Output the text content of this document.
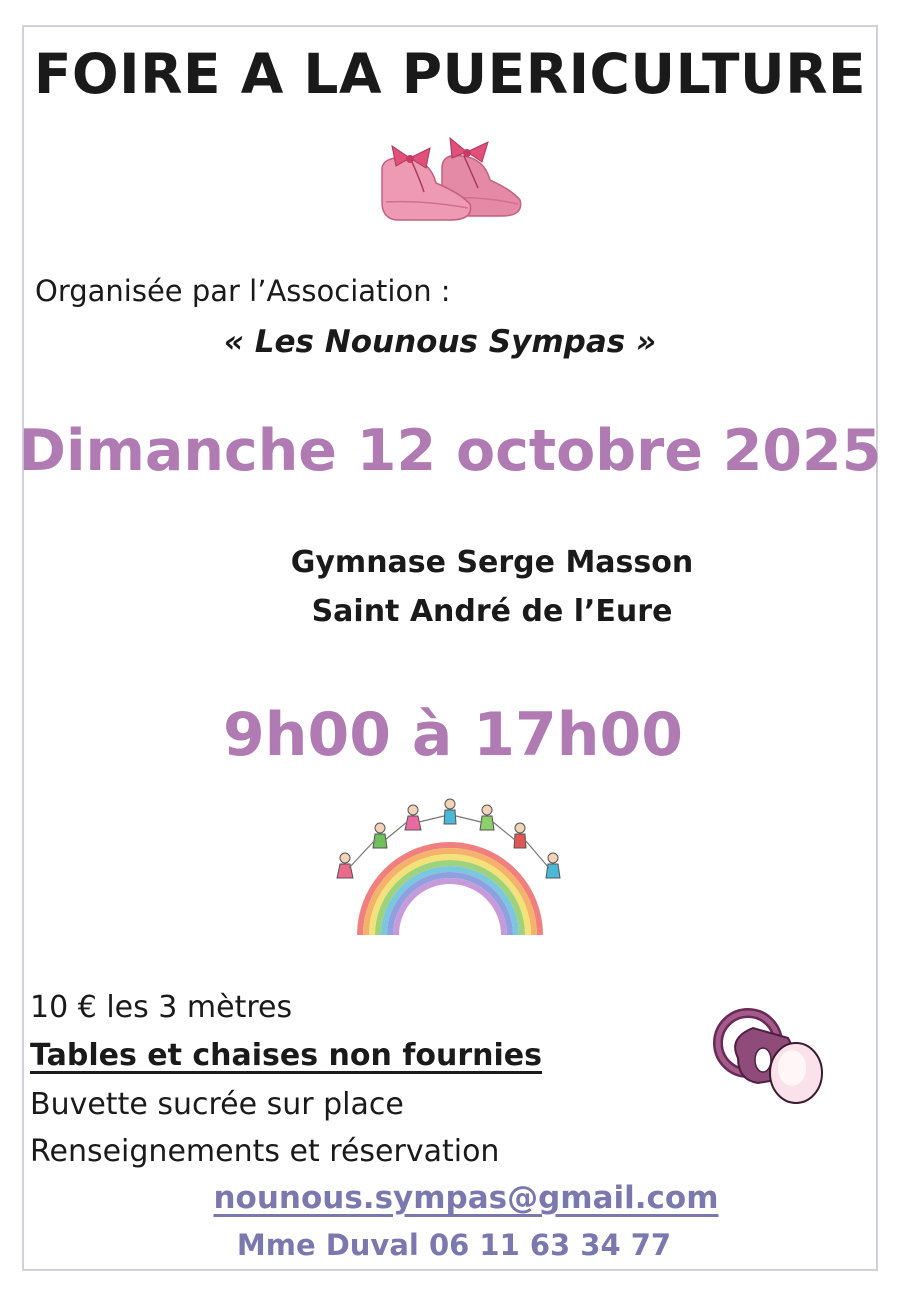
FOIRE A LA PUERICULTURE
Organisée par l’Association :
« Les Nounous Sympas »
Dimanche 12 octobre 2025
Gymnase Serge Masson
Saint André de l’Eure
9h00 à 17h00
10 € les 3 mètres
Tables et chaises non fournies
Buvette sucrée sur place
Renseignements et réservation
nounous.sympas@gmail.com
Mme Duval 06 11 63 34 77
